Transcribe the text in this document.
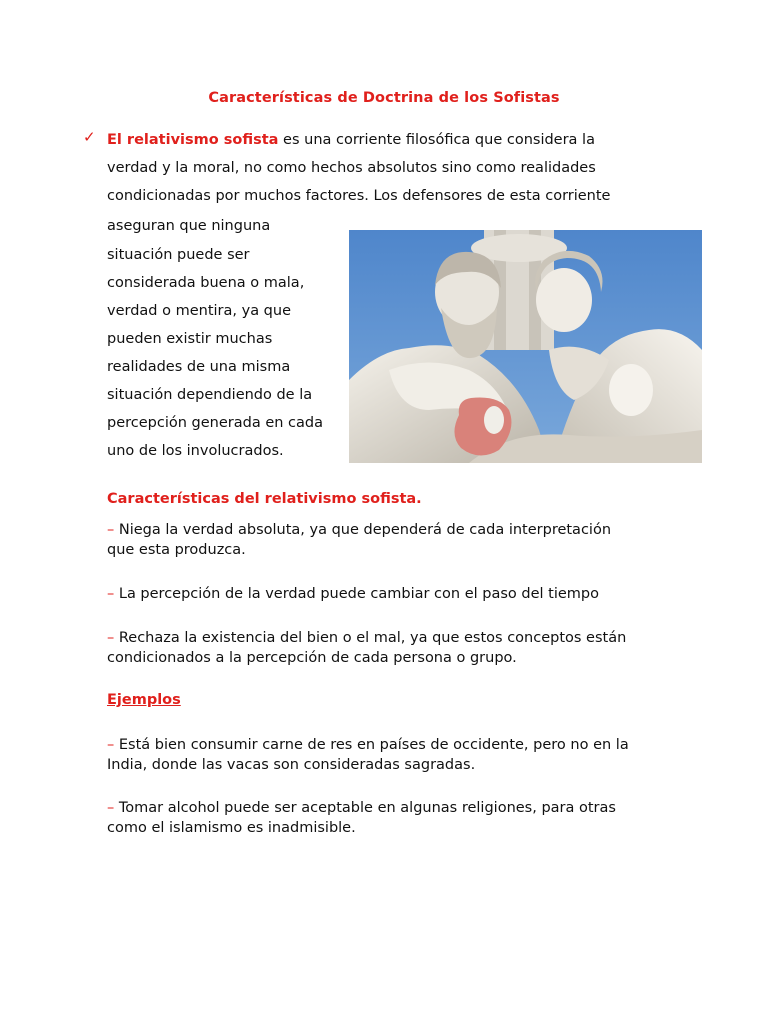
Características de Doctrina de los Sofistas
✓ El relativismo sofista es una corriente filosófica que considera la
verdad y la moral, no como hechos absolutos sino como realidades
condicionadas por muchos factores. Los defensores de esta corriente
aseguran que ninguna
situación puede ser
considerada buena o mala,
verdad o mentira, ya que
pueden existir muchas
realidades de una misma
situación dependiendo de la
percepción generada en cada
uno de los involucrados.
Características del relativismo sofista.
– Niega la verdad absoluta, ya que dependerá de cada interpretación
que esta produzca.
– La percepción de la verdad puede cambiar con el paso del tiempo
– Rechaza la existencia del bien o el mal, ya que estos conceptos están
condicionados a la percepción de cada persona o grupo.
Ejemplos
– Está bien consumir carne de res en países de occidente, pero no en la
India, donde las vacas son consideradas sagradas.
– Tomar alcohol puede ser aceptable en algunas religiones, para otras
como el islamismo es inadmisible.
